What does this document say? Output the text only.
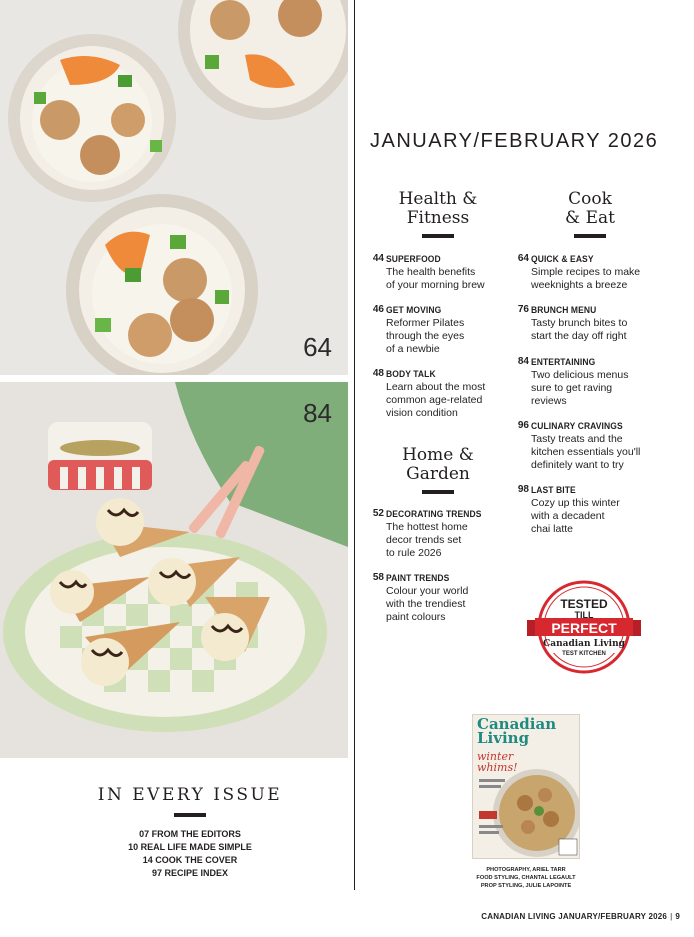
64
84
JANUARY/FEBRUARY 2026
Health &
Fitness
44 SUPERFOOD
The health benefits
of your morning brew
46 GET MOVING
Reformer Pilates
through the eyes
of a newbie
48 BODY TALK
Learn about the most
common age-related
vision condition
Home &
Garden
52 DECORATING TRENDS
The hottest home
decor trends set
to rule 2026
58 PAINT TRENDS
Colour your world
with the trendiest
paint colours
Cook
& Eat
64 QUICK & EASY
Simple recipes to make
weeknights a breeze
76 BRUNCH MENU
Tasty brunch bites to
start the day off right
84 ENTERTAINING
Two delicious menus
sure to get raving
reviews
96 CULINARY CRAVINGS
Tasty treats and the
kitchen essentials you'll
definitely want to try
98 LAST BITE
Cozy up this winter
with a decadent
chai latte
TESTED
TILL
PERFECT
Canadian Living
TEST KITCHEN
Canadian
Living
winter
whims!
PHOTOGRAPHY, ARIEL TARR
FOOD STYLING, CHANTAL LEGAULT
PROP STYLING, JULIE LAPOINTE
IN EVERY ISSUE
07 FROM THE EDITORS
10 REAL LIFE MADE SIMPLE
14 COOK THE COVER
97 RECIPE INDEX
CANADIAN LIVING JANUARY/FEBRUARY 2026 | 9
